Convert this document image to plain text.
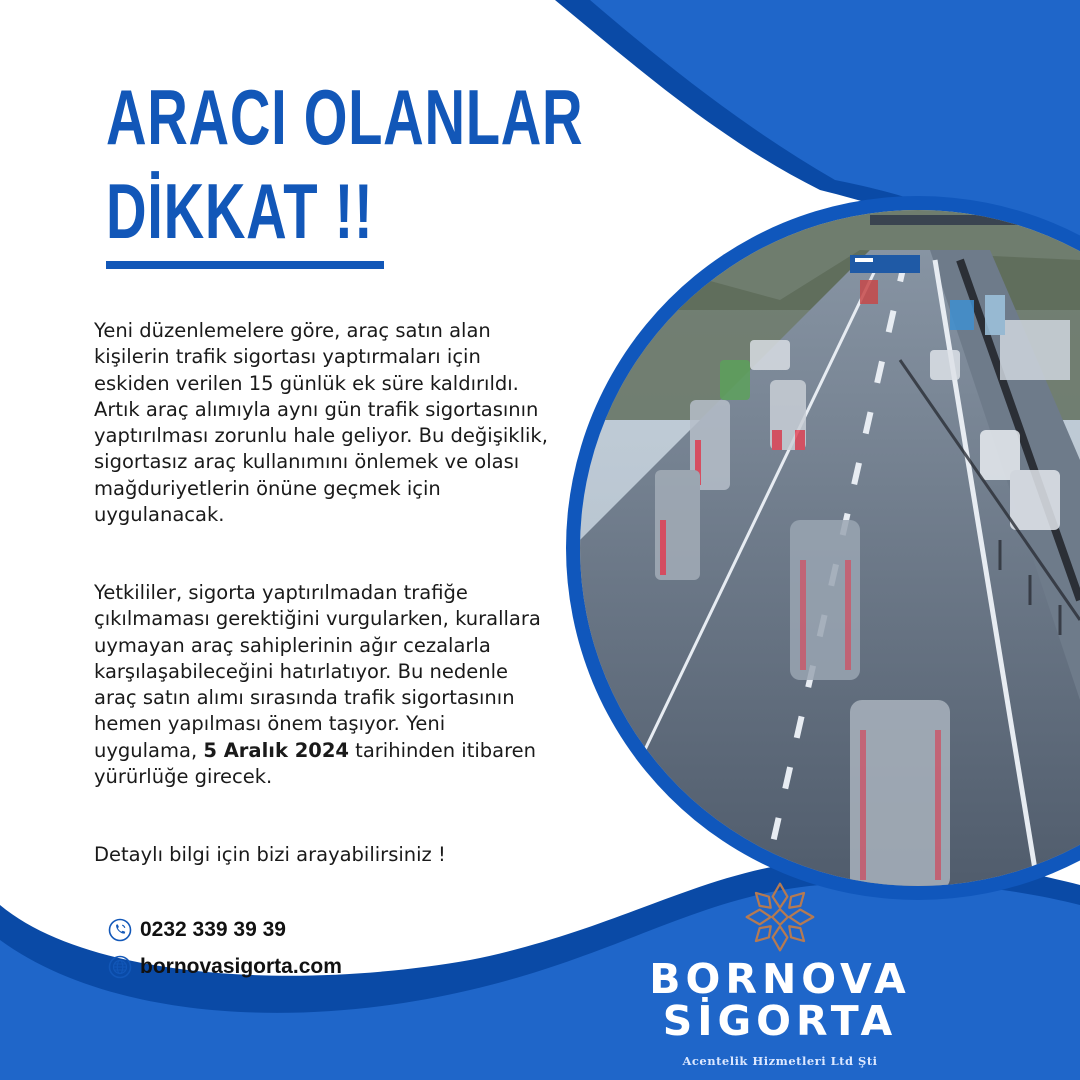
ARACI OLANLAR
DİKKAT !!

Yeni düzenlemelere göre, araç satın alan kişilerin trafik sigortası yaptırmaları için eskiden verilen 15 günlük ek süre kaldırıldı. Artık araç alımıyla aynı gün trafik sigortasının yaptırılması zorunlu hale geliyor. Bu değişiklik, sigortasız araç kullanımını önlemek ve olası mağduriyetlerin önüne geçmek için uygulanacak.

Yetkililer, sigorta yaptırılmadan trafiğe çıkılmaması gerektiğini vurgularken, kurallara uymayan araç sahiplerinin ağır cezalarla karşılaşabileceğini hatırlatıyor. Bu nedenle araç satın alımı sırasında trafik sigortasının hemen yapılması önem taşıyor. Yeni uygulama, 5 Aralık 2024 tarihinden itibaren yürürlüğe girecek.

Detaylı bilgi için bizi arayabilirsiniz !

0232 339 39 39
bornovasigorta.com	BORNOVA

SİGORTA

Acentelik Hizmetleri Ltd Şti
